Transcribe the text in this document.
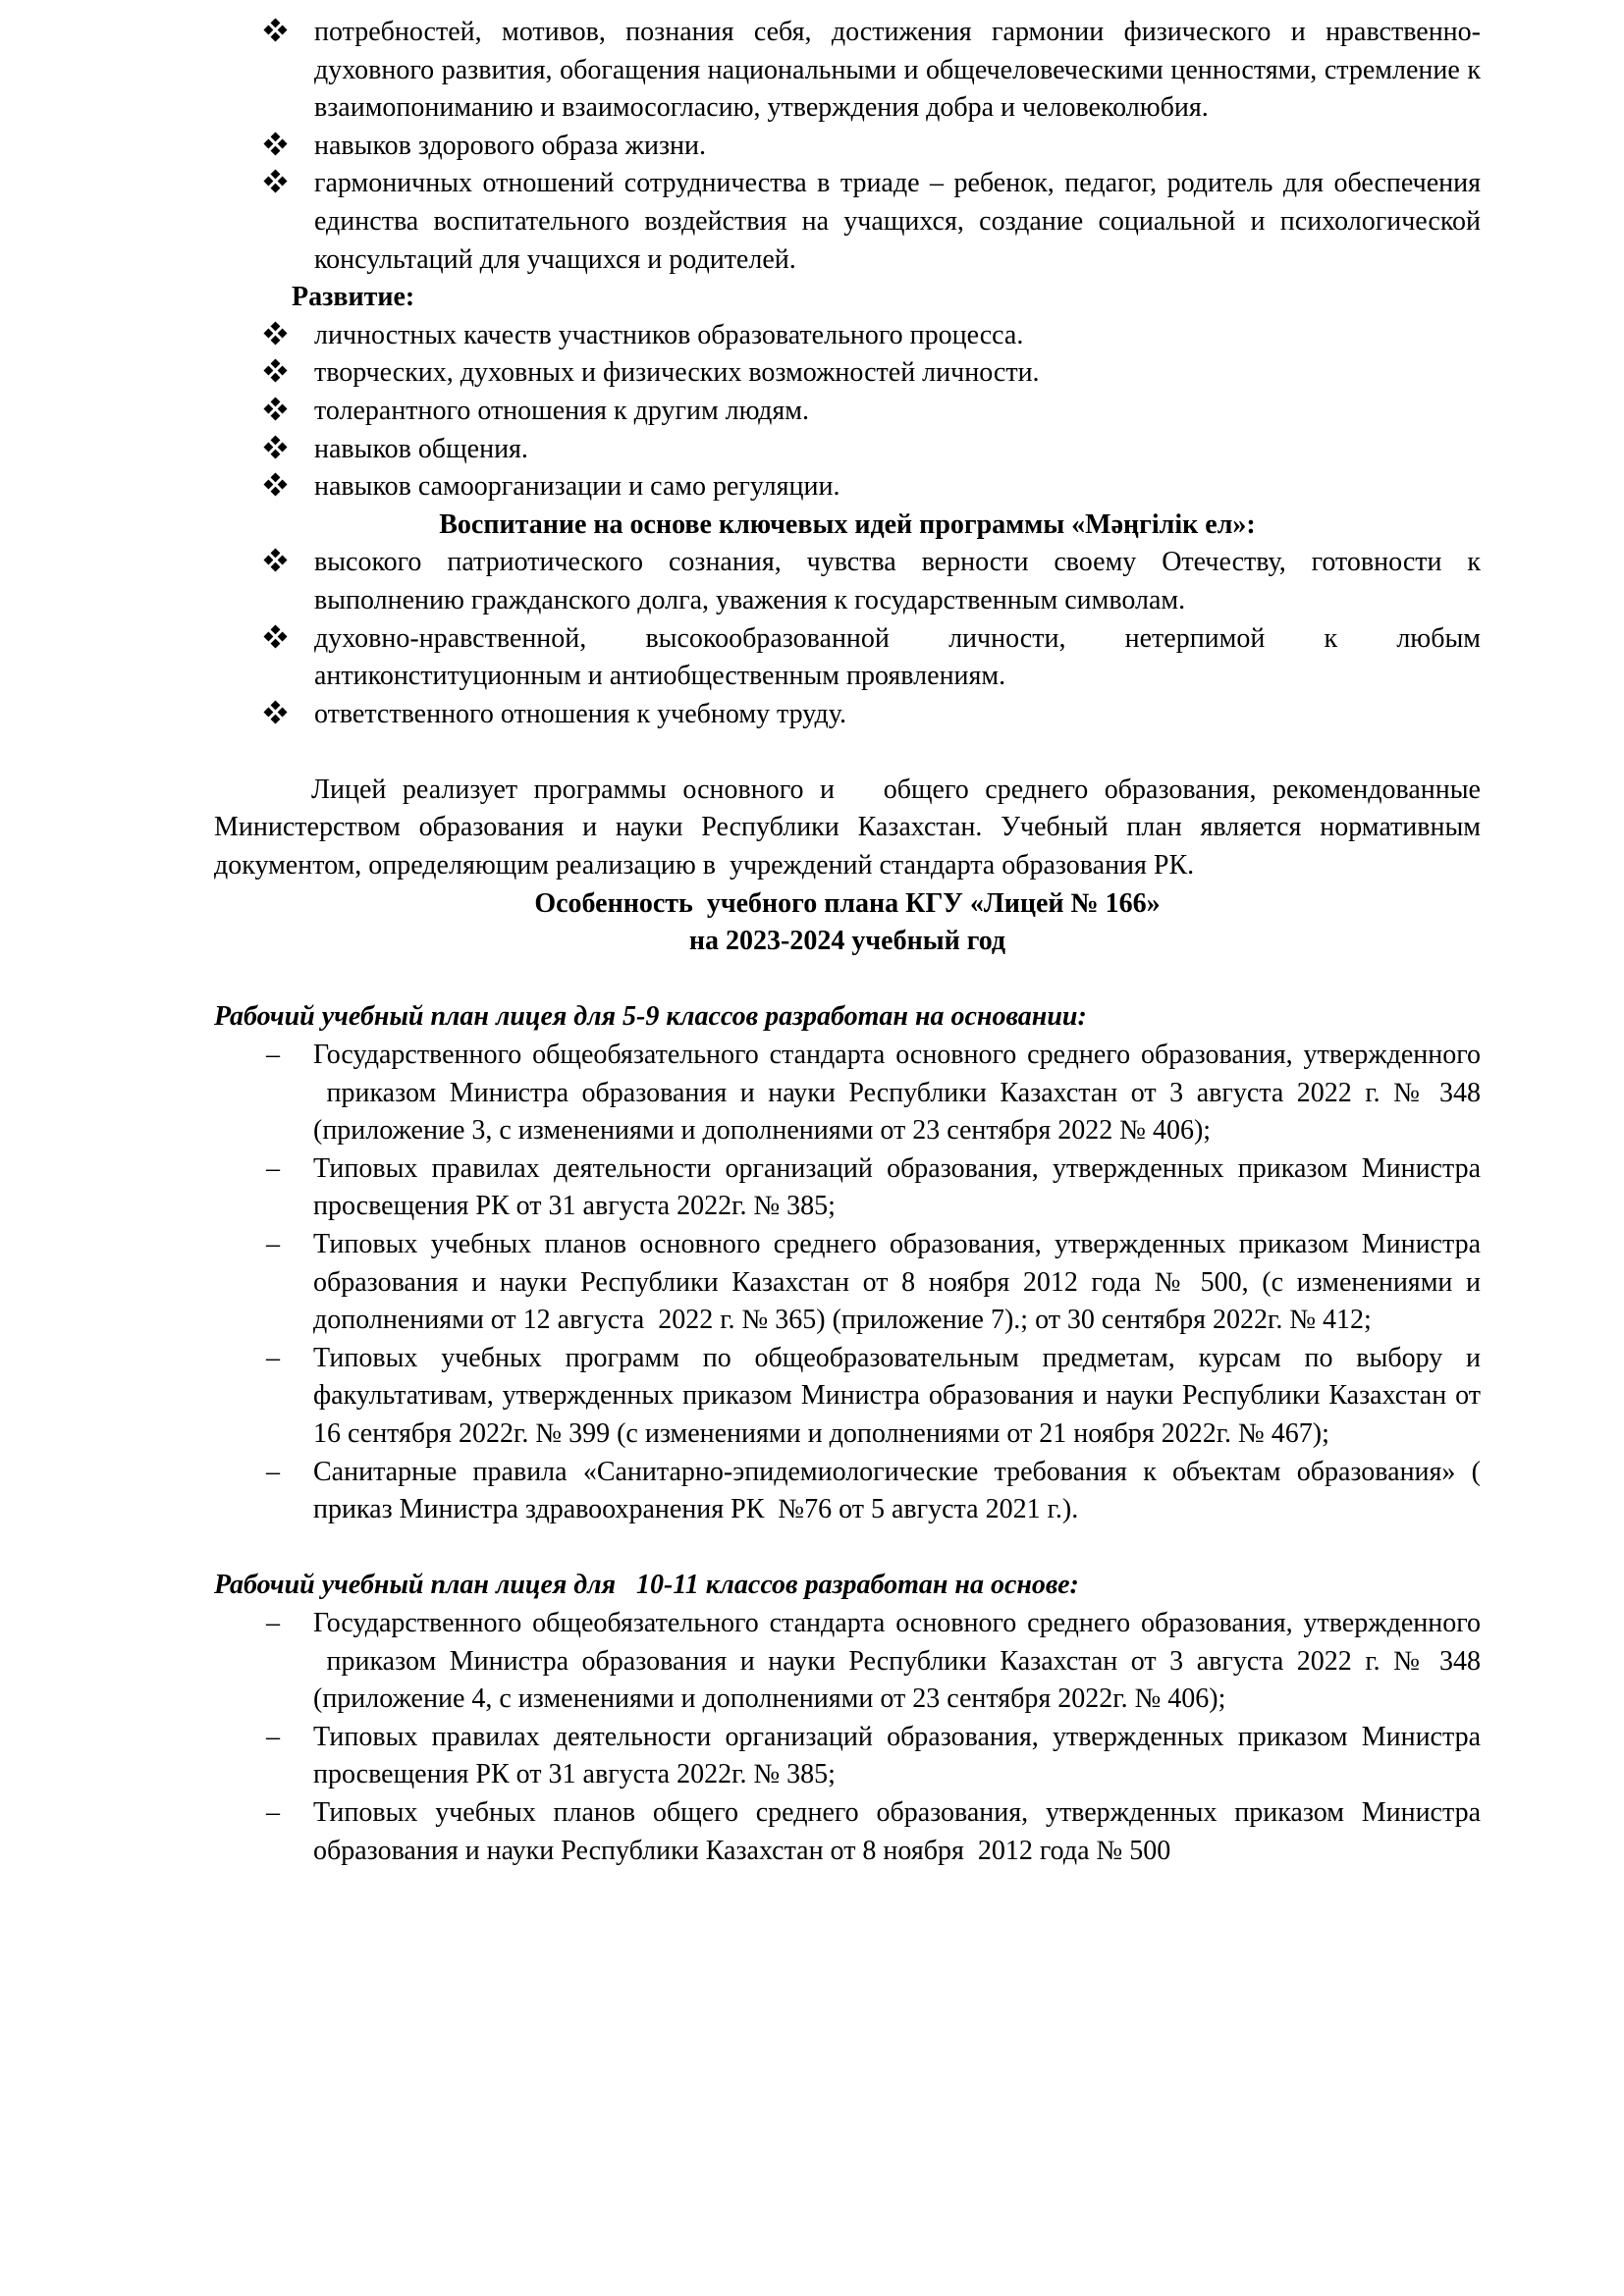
потребностей, мотивов, познания себя, достижения гармонии физического и нравственно-духовного развития, обогащения национальными и общечеловеческими ценностями, стремление к взаимопониманию и взаимосогласию, утверждения добра и человеколюбия.
навыков здорового образа жизни.
гармоничных отношений сотрудничества в триаде – ребенок, педагог, родитель для обеспечения единства воспитательного воздействия на учащихся, создание социальной и психологической консультаций для учащихся и родителей.

Развитие:

личностных качеств участников образовательного процесса.
творческих, духовных и физических возможностей личности.
толерантного отношения к другим людям.
навыков общения.
навыков самоорганизации и само регуляции.

Воспитание на основе ключевых идей программы «Мәңгілік ел»:

высокого патриотического сознания, чувства верности своему Отечеству, готовности к выполнению гражданского долга, уважения к государственным символам.
духовно-нравственной, высокообразованной личности, нетерпимой к любым антиконституционным и антиобщественным проявлениям.
ответственного отношения к учебному труду.

Лицей реализует программы основного и   общего среднего образования, рекомендованные Министерством образования и науки Республики Казахстан. Учебный план является нормативным документом, определяющим реализацию в  учреждений стандарта образования РК.

Особенность  учебного плана КГУ «Лицей № 166»

на 2023-2024 учебный год

Рабочий учебный план лицея для 5-9 классов разработан на основании:

–	Государственного общеобязательного стандарта основного среднего образования, утвержденного  приказом Министра образования и науки Республики Казахстан от 3 августа 2022 г. № 348 (приложение 3, с изменениями и дополнениями от 23 сентября 2022 № 406);
–	Типовых правилах деятельности организаций образования, утвержденных приказом Министра просвещения РК от 31 августа 2022г. № 385;
–	Типовых учебных планов основного среднего образования, утвержденных приказом Министра образования и науки Республики Казахстан от 8 ноября 2012 года № 500, (с изменениями и дополнениями от 12 августа  2022 г. № 365) (приложение 7).; от 30 сентября 2022г. № 412;
–	Типовых учебных программ по общеобразовательным предметам, курсам по выбору и факультативам, утвержденных приказом Министра образования и науки Республики Казахстан от 16 сентября 2022г. № 399 (с изменениями и дополнениями от 21 ноября 2022г. № 467);
–	Санитарные правила «Санитарно-эпидемиологические требования к объектам образования» ( приказ Министра здравоохранения РК  №76 от 5 августа 2021 г.).

Рабочий учебный план лицея для   10-11 классов разработан на основе:

–	Государственного общеобязательного стандарта основного среднего образования, утвержденного  приказом Министра образования и науки Республики Казахстан от 3 августа 2022 г. № 348 (приложение 4, с изменениями и дополнениями от 23 сентября 2022г. № 406);
–	Типовых правилах деятельности организаций образования, утвержденных приказом Министра просвещения РК от 31 августа 2022г. № 385;
–	Типовых учебных планов общего среднего образования, утвержденных приказом Министра образования и науки Республики Казахстан от 8 ноября  2012 года № 500
